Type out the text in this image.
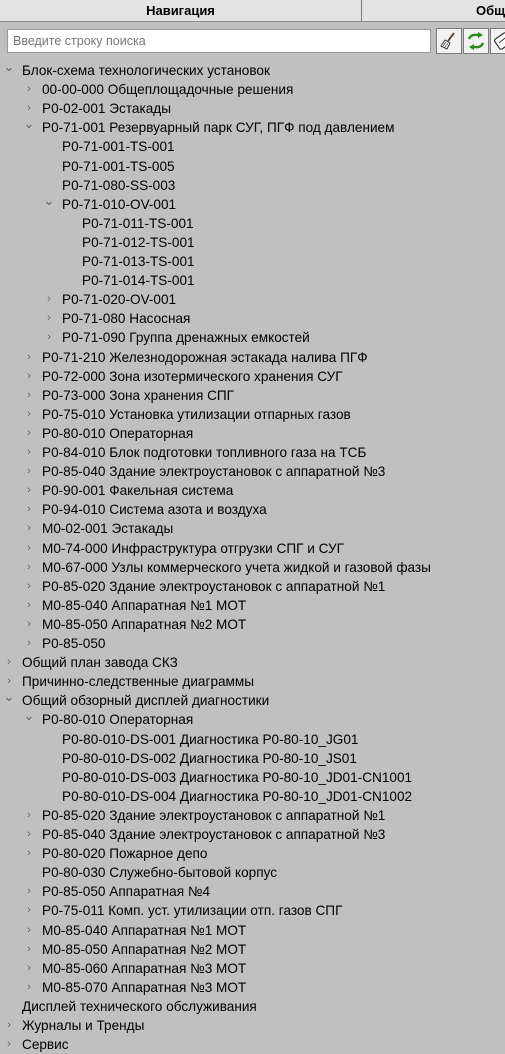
Навигация	Общ
Введите строку поиска
⌄ Блок-схема технологических установок
› 00-00-000 Общеплощадочные решения
› P0-02-001 Эстакады
⌄ P0-71-001 Резервуарный парк СУГ, ПГФ под давлением
P0-71-001-TS-001
P0-71-001-TS-005
P0-71-080-SS-003
⌄ P0-71-010-OV-001
P0-71-011-TS-001
P0-71-012-TS-001
P0-71-013-TS-001
P0-71-014-TS-001
› P0-71-020-OV-001
› P0-71-080 Насосная
› P0-71-090 Группа дренажных емкостей
› P0-71-210 Железнодорожная эстакада налива ПГФ
› P0-72-000 Зона изотермического хранения СУГ
› P0-73-000 Зона хранения СПГ
› P0-75-010 Установка утилизации отпарных газов
› P0-80-010 Операторная
› P0-84-010 Блок подготовки топливного газа на ТСБ
› P0-85-040 Здание электроустановок с аппаратной №3
› P0-90-001 Факельная система
› P0-94-010 Система азота и воздуха
› M0-02-001 Эстакады
› M0-74-000 Инфраструктура отгрузки СПГ и СУГ
› M0-67-000 Узлы коммерческого учета жидкой и газовой фазы
› P0-85-020 Здание электроустановок с аппаратной №1
› M0-85-040 Аппаратная №1 МОТ
› M0-85-050 Аппаратная №2 МОТ
› P0-85-050
› Общий план завода СКЗ
› Причинно-следственные диаграммы
⌄ Общий обзорный дисплей диагностики
⌄ P0-80-010 Операторная
P0-80-010-DS-001 Диагностика P0-80-10_JG01
P0-80-010-DS-002 Диагностика P0-80-10_JS01
P0-80-010-DS-003 Диагностика P0-80-10_JD01-CN1001
P0-80-010-DS-004 Диагностика P0-80-10_JD01-CN1002
› P0-85-020 Здание электроустановок с аппаратной №1
› P0-85-040 Здание электроустановок с аппаратной №3
› P0-80-020 Пожарное депо
P0-80-030 Служебно-бытовой корпус
› P0-85-050 Аппаратная №4
› P0-75-011 Комп. уст. утилизации отп. газов СПГ
› M0-85-040 Аппаратная №1 МОТ
› M0-85-050 Аппаратная №2 МОТ
› M0-85-060 Аппаратная №3 МОТ
› M0-85-070 Аппаратная №3 МОТ
Дисплей технического обслуживания
› Журналы и Тренды
› Сервис
